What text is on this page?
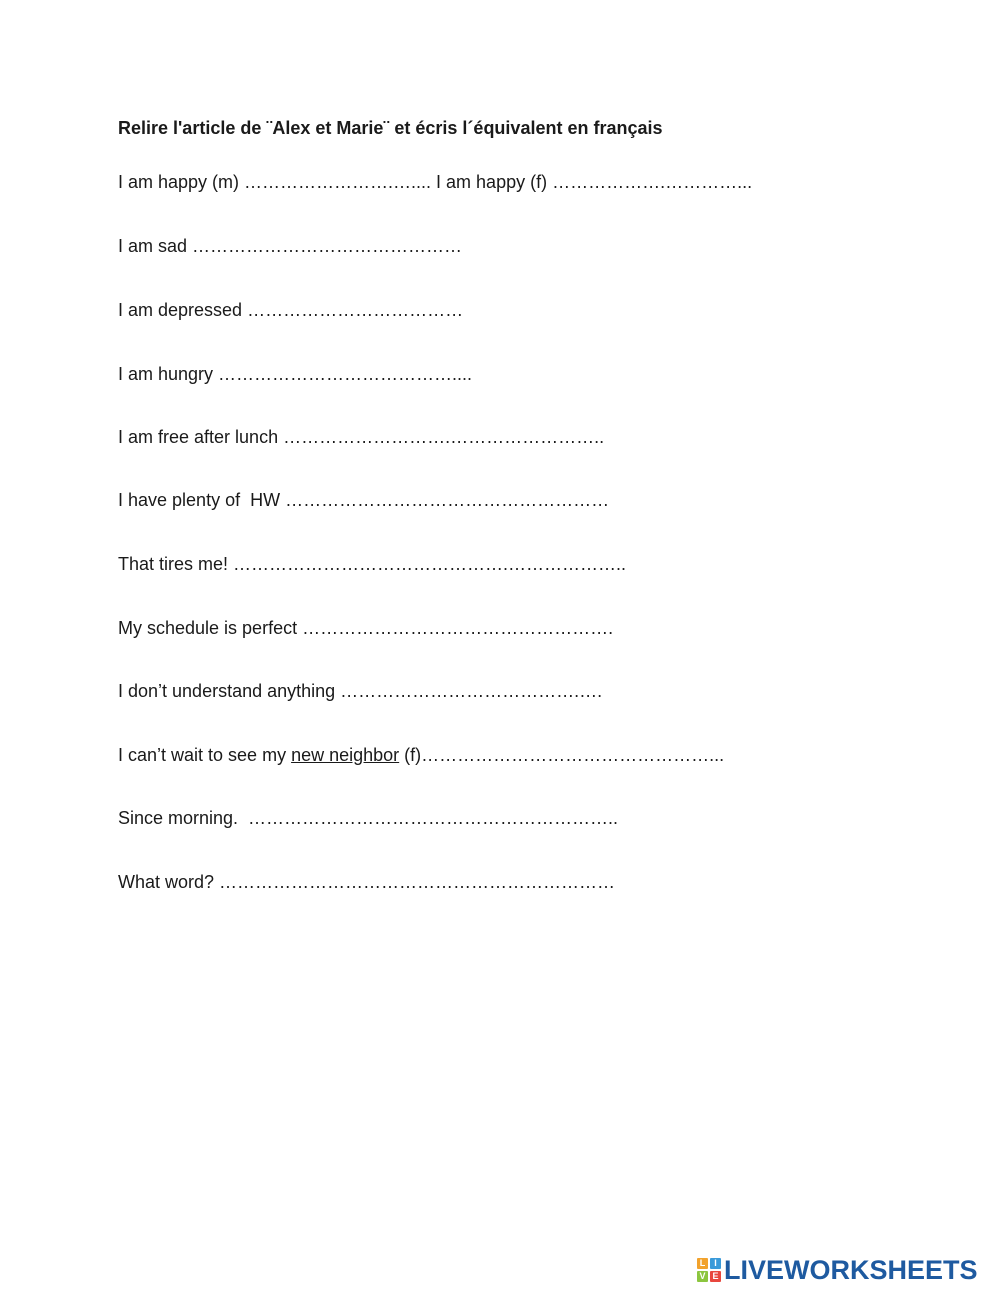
Relire l'article de ¨Alex et Marie¨ et écris l´équivalent en français

I am happy (m) …………………….….... I am happy (f) ……………….…………...

I am sad ………………………………………

I am depressed ………………………………

I am hungry …………………………………....

I am free after lunch ……………………….……………………..

I have plenty of  HW ………………………………………………

That tires me! ……………………………………….………………..

My schedule is perfect …………………………………………….

I don’t understand anything ………………………………….….

I can’t wait to see my new neighbor (f)…………………………………………...

Since morning.  ……………………………………………………..

What word? …………………………………………………………

L I
V E LIVEWORKSHEETS
